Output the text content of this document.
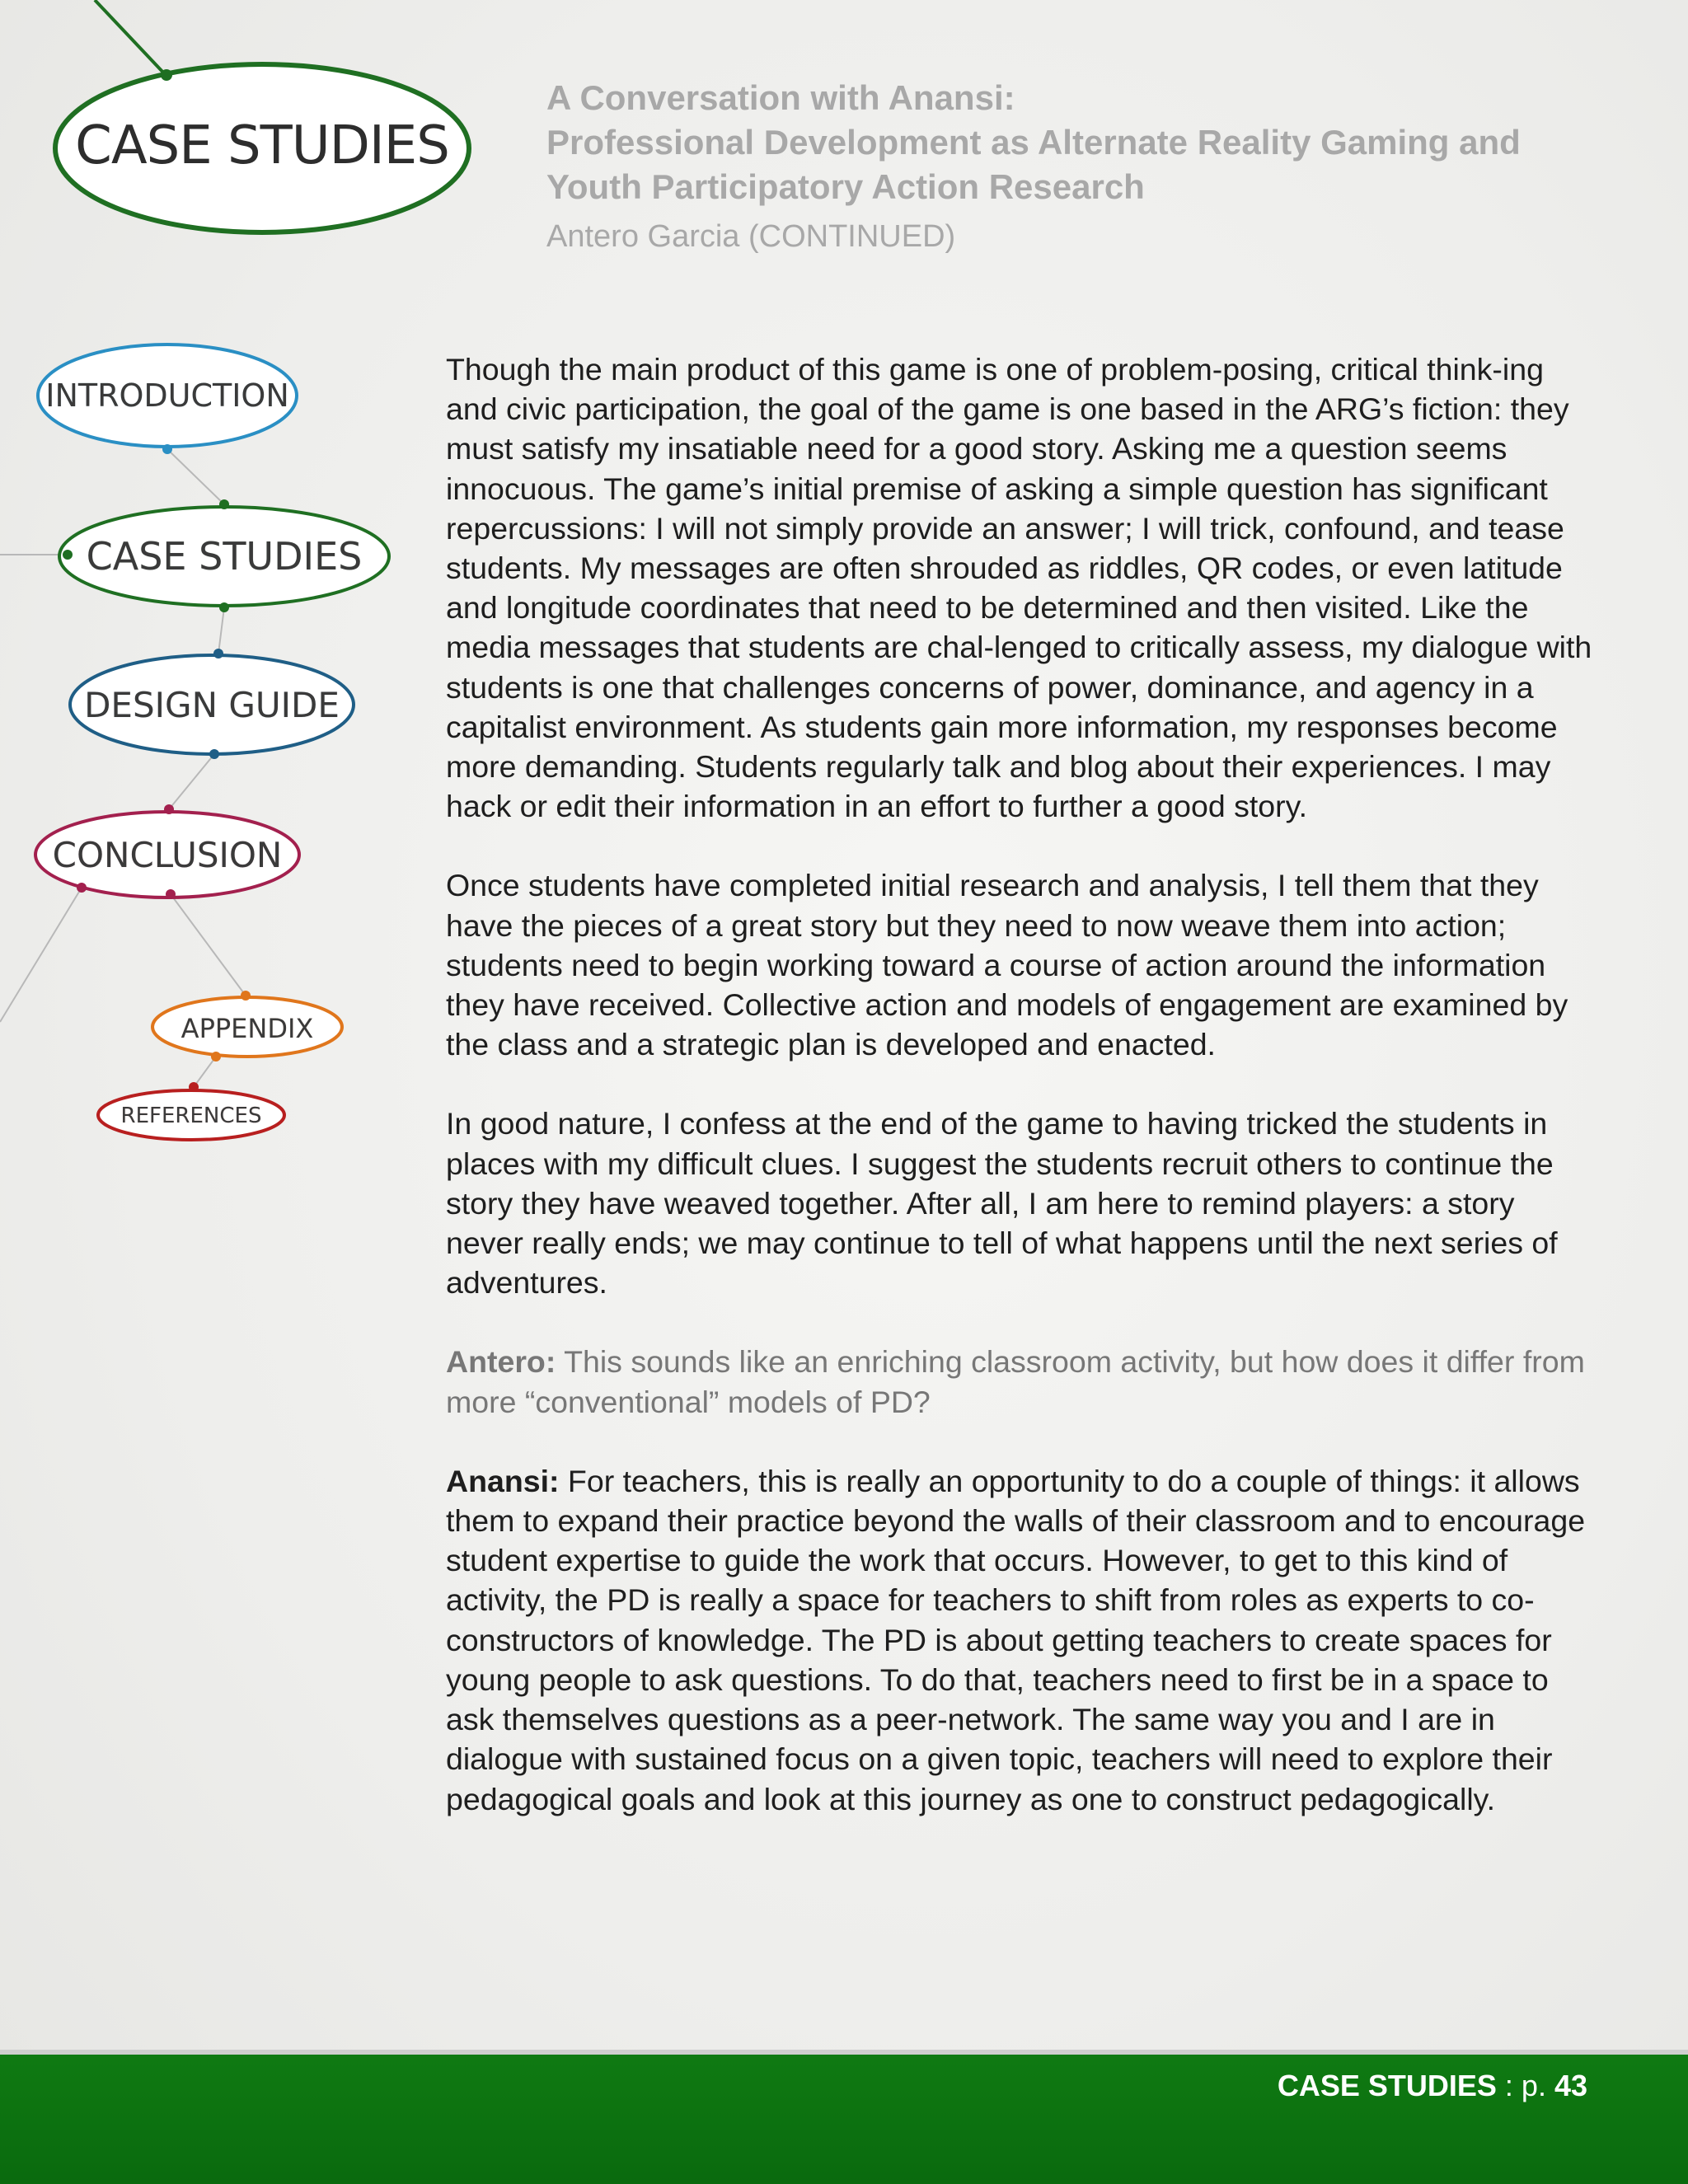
CASE STUDIES
INTRODUCTION
CASE STUDIES
DESIGN GUIDE
CONCLUSION
APPENDIX
REFERENCES
A Conversation with Anansi:
Professional Development as Alternate Reality Gaming and
Youth Participatory Action Research
Antero Garcia (CONTINUED)

Though the main product of this game is one of problem-posing, critical think-ing and civic participation, the goal of the game is one based in the ARG’s fiction: they must satisfy my insatiable need for a good story. Asking me a question seems innocuous. The game’s initial premise of asking a simple question has significant repercussions: I will not simply provide an answer; I will trick, confound, and tease students. My messages are often shrouded as riddles, QR codes, or even latitude and longitude coordinates that need to be determined and then visited. Like the media messages that students are chal-lenged to critically assess, my dialogue with students is one that challenges concerns of power, dominance, and agency in a capitalist environment. As students gain more information, my responses become more demanding. Students regularly talk and blog about their experiences. I may hack or edit their information in an effort to further a good story.

Once students have completed initial research and analysis, I tell them that they have the pieces of a great story but they need to now weave them into action; students need to begin working toward a course of action around the information they have received. Collective action and models of engagement are examined by the class and a strategic plan is developed and enacted.

In good nature, I confess at the end of the game to having tricked the students in places with my difficult clues. I suggest the students recruit others to continue the story they have weaved together. After all, I am here to remind players: a story never really ends; we may continue to tell of what happens until the next series of adventures.

Antero: This sounds like an enriching classroom activity, but how does it differ from more “conventional” models of PD?

Anansi: For teachers, this is really an opportunity to do a couple of things: it allows them to expand their practice beyond the walls of their classroom and to encourage student expertise to guide the work that occurs. However, to get to this kind of activity, the PD is really a space for teachers to shift from roles as experts to co-constructors of knowledge. The PD is about getting teachers to create spaces for young people to ask questions. To do that, teachers need to first be in a space to ask themselves questions as a peer-network. The same way you and I are in dialogue with sustained focus on a given topic, teachers will need to explore their pedagogical goals and look at this journey as one to construct pedagogically.

CASE STUDIES : p. 43
